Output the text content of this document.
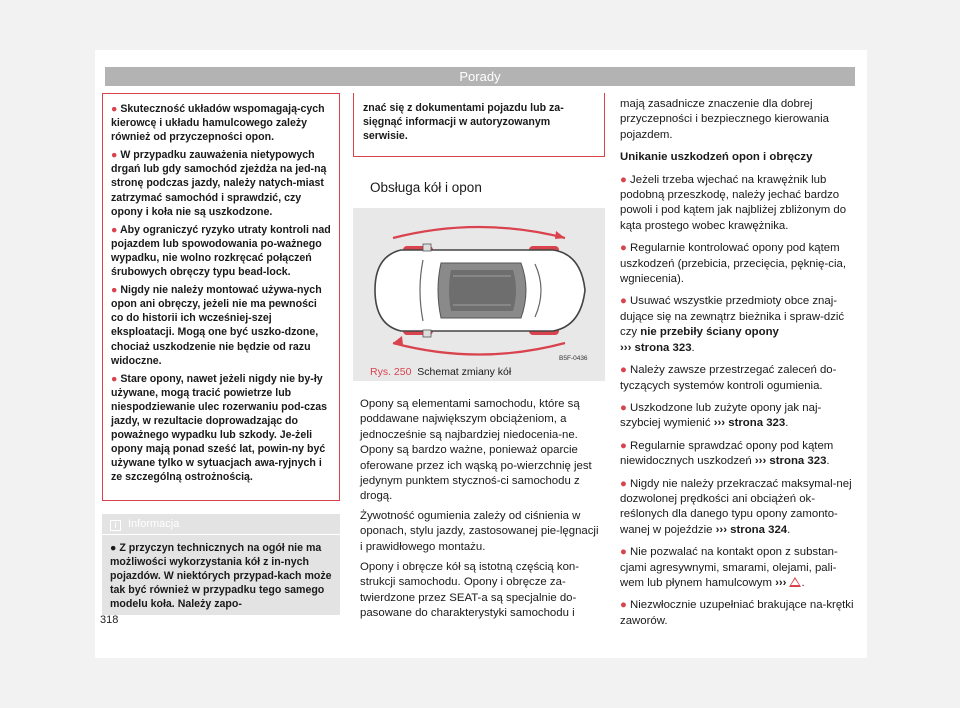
Porady

● Skuteczność układów wspomagają-cych kierowcę i układu hamulcowego zależy również od przyczepności opon.

● W przypadku zauważenia nietypowych drgań lub gdy samochód zjeżdża na jed-ną stronę podczas jazdy, należy natych-miast zatrzymać samochód i sprawdzić, czy opony i koła nie są uszkodzone.

● Aby ograniczyć ryzyko utraty kontroli nad pojazdem lub spowodowania po-ważnego wypadku, nie wolno rozkręcać połączeń śrubowych obręczy typu bead-lock.

● Nigdy nie należy montować używa-nych opon ani obręczy, jeżeli nie ma pewności co do historii ich wcześniej-szej eksploatacji. Mogą one być uszko-dzone, chociaż uszkodzenie nie będzie od razu widoczne.

● Stare opony, nawet jeżeli nigdy nie by-ły używane, mogą tracić powietrze lub niespodziewanie ulec rozerwaniu pod-czas jazdy, w rezultacie doprowadzając do poważnego wypadku lub szkody. Je-żeli opony mają ponad sześć lat, powin-ny być używane tylko w sytuacjach awa-ryjnych i ze szczególną ostrożnością.

i Informacja
● Z przyczyn technicznych na ogół nie ma możliwości wykorzystania kół z in-nych pojazdów. W niektórych przypad-kach może tak być również w przypadku tego samego modelu koła. Należy zapo-
znać się z dokumentami pojazdu lub za-sięgnąć informacji w autoryzowanym serwisie.
Obsługa kół i opon
B5F-0436
Rys. 250 Schemat zmiany kół

Opony są elementami samochodu, które są poddawane największym obciążeniom, a jednocześnie są najbardziej niedocenia-ne. Opony są bardzo ważne, ponieważ oparcie oferowane przez ich wąską po-wierzchnię jest jedynym punktem stycznoś-ci samochodu z drogą.

Żywotność ogumienia zależy od ciśnienia w oponach, stylu jazdy, zastosowanej pie-lęgnacji i prawidłowego montażu.

Opony i obręcze kół są istotną częścią kon-strukcji samochodu. Opony i obręcze za-twierdzone przez SEAT-a są specjalnie do-pasowane do charakterystyki samochodu i

mają zasadnicze znaczenie dla dobrej przyczepności i bezpiecznego kierowania pojazdem.

Unikanie uszkodzeń opon i obręczy

● Jeżeli trzeba wjechać na krawężnik lub podobną przeszkodę, należy jechać bardzo powoli i pod kątem jak najbliżej zbliżonym do kąta prostego wobec krawężnika.

● Regularnie kontrolować opony pod kątem uszkodzeń (przebicia, przecięcia, pęknię-cia, wgniecenia).

● Usuwać wszystkie przedmioty obce znaj-dujące się na zewnątrz bieżnika i spraw-dzić czy nie przebiły ściany opony
››› strona 323.

● Należy zawsze przestrzegać zaleceń do-tyczących systemów kontroli ogumienia.

● Uszkodzone lub zużyte opony jak naj-szybciej wymienić ››› strona 323.

● Regularnie sprawdzać opony pod kątem niewidocznych uszkodzeń ››› strona 323.

● Nigdy nie należy przekraczać maksymal-nej dozwolonej prędkości ani obciążeń ok-reślonych dla danego typu opony zamonto-wanej w pojeździe ››› strona 324.

● Nie pozwalać na kontakt opon z substan-cjami agresywnymi, smarami, olejami, pali-wem lub płynem hamulcowym ››› .

● Niezwłocznie uzupełniać brakujące na-krętki zaworów.

318
